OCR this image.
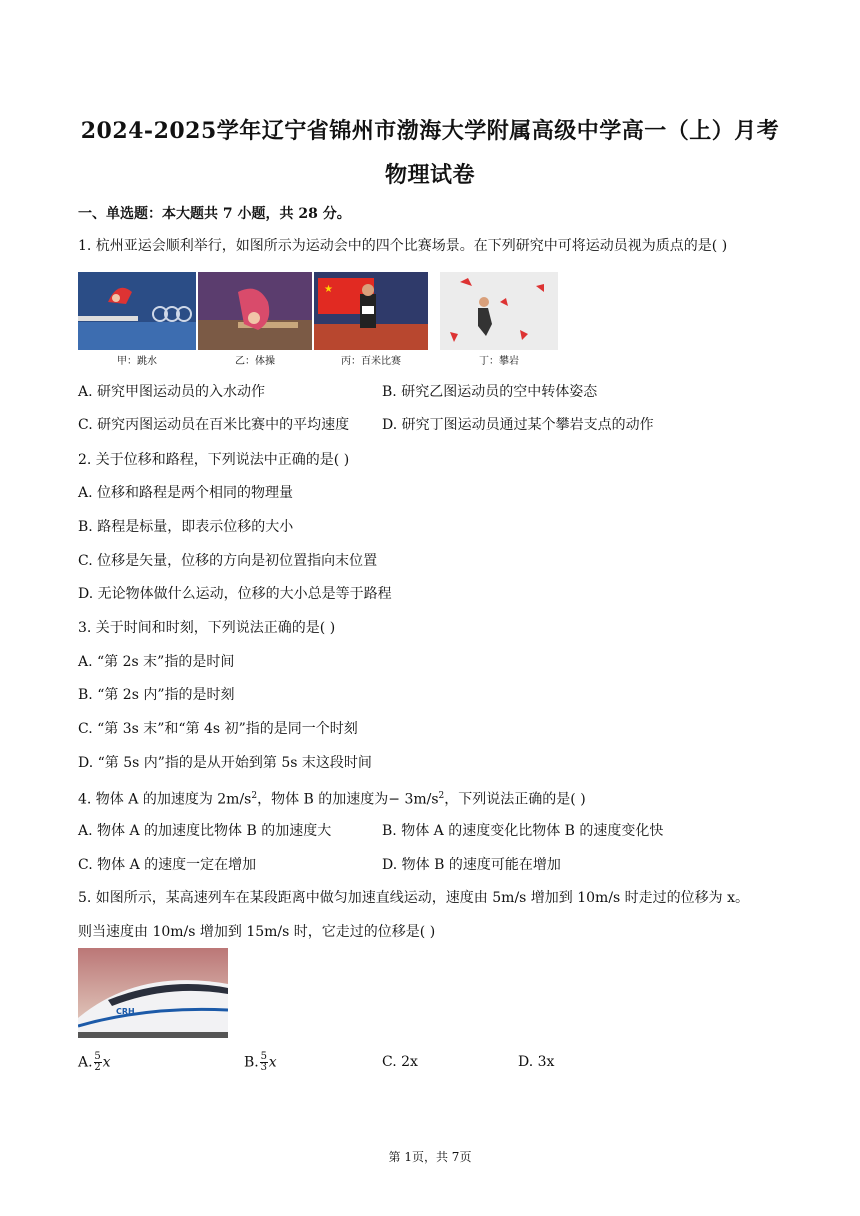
2024-2025学年辽宁省锦州市渤海大学附属高级中学高一（上）月考
物理试卷
一、单选题：本大题共 7 小题，共 28 分。
1. 杭州亚运会顺利举行，如图所示为运动会中的四个比赛场景。在下列研究中可将运动员视为质点的是( )
★
甲：跳水	乙：体操	丙：百米比赛	丁：攀岩
A. 研究甲图运动员的入水动作	B. 研究乙图运动员的空中转体姿态
C. 研究丙图运动员在百米比赛中的平均速度 D. 研究丁图运动员通过某个攀岩支点的动作
2. 关于位移和路程，下列说法中正确的是( )
A. 位移和路程是两个相同的物理量
B. 路程是标量，即表示位移的大小
C. 位移是矢量，位移的方向是初位置指向末位置
D. 无论物体做什么运动，位移的大小总是等于路程
3. 关于时间和时刻，下列说法正确的是( )
A. “第 2s 末”指的是时间
B. “第 2s 内”指的是时刻
C. “第 3s 末”和“第 4s 初”指的是同一个时刻
D. “第 5s 内”指的是从开始到第 5s 末这段时间
4. 物体 A 的加速度为 $2m/s^2$，物体 B 的加速度为− $3m/s^2$，下列说法正确的是( )
A. 物体 A 的加速度比物体 B 的加速度大	B. 物体 A 的速度变化比物体 B 的速度变化快
C. 物体 A 的速度一定在增加	D. 物体 B 的速度可能在增加
5. 如图所示，某高速列车在某段距离中做匀加速直线运动，速度由 5m/s 增加到 10m/s 时走过的位移为 x。
则当速度由 10m/s 增加到 15m/s 时，它走过的位移是( )
CRH
A. $\frac{5}{2}$ x	B. $\frac{5}{3}$ x	C. 2x	D. 3x
第 1页，共 7页
